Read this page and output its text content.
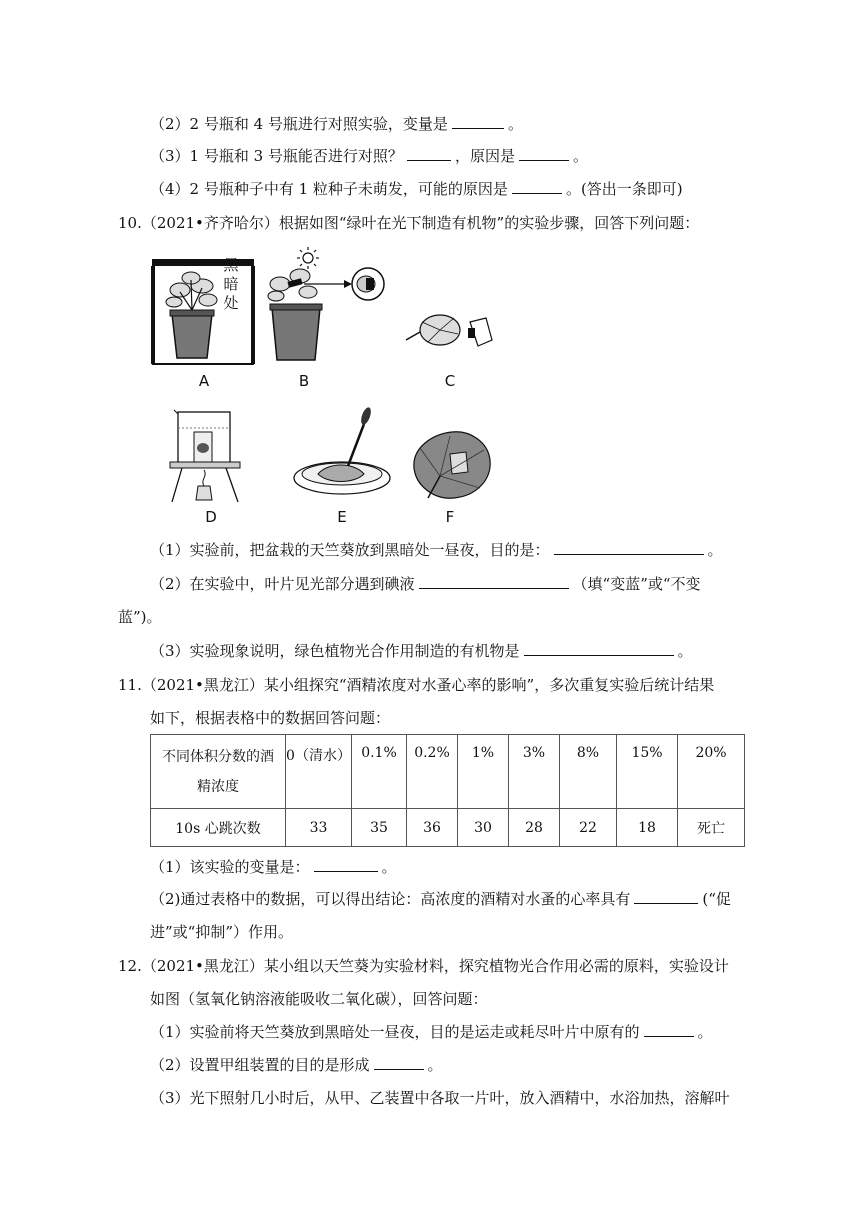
（2）2 号瓶和 4 号瓶进行对照实验，变量是	。
（3）1 号瓶和 3 号瓶能否进行对照？	，原因是	。
（4）2 号瓶种子中有 1 粒种子未萌发，可能的原因是	。(答出一条即可)
10.（2021•齐齐哈尔）根据如图“绿叶在光下制造有机物”的实验步骤，回答下列问题：
黑
暗
处
A	B	C
D	E	F
（1）实验前，把盆栽的天竺葵放到黑暗处一昼夜，目的是：	。
（2）在实验中，叶片见光部分遇到碘液	（填“变蓝”或“不变
蓝”)。
（3）实验现象说明，绿色植物光合作用制造的有机物是	。
11.（2021•黑龙江）某小组探究“酒精浓度对水蚤心率的影响”，多次重复实验后统计结果
如下，根据表格中的数据回答问题：
不同体积分数的酒
精浓度	0（清水）	0.1%	0.2%	1%	3%	8%	15%	20%
10s 心跳次数	33	35	36	30	28	22	18	死亡
（1）该实验的变量是：	。
（2)通过表格中的数据，可以得出结论：高浓度的酒精对水蚤的心率具有	(“促
进”或“抑制”）作用。
12.（2021•黑龙江）某小组以天竺葵为实验材料，探究植物光合作用必需的原料，实验设计
如图（氢氧化钠溶液能吸收二氧化碳），回答问题：
（1）实验前将天竺葵放到黑暗处一昼夜，目的是运走或耗尽叶片中原有的	。
（2）设置甲组装置的目的是形成	。
（3）光下照射几小时后，从甲、乙装置中各取一片叶，放入酒精中，水浴加热，溶解叶
